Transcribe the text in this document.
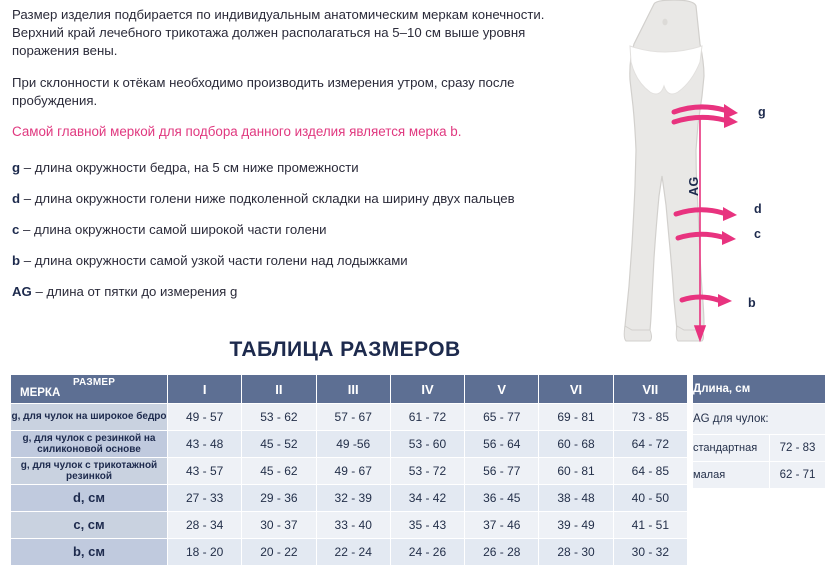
Размер изделия подбирается по индивидуальным анатомическим меркам конечности. Верхний край лечебного трикотажа должен располагаться на 5–10 см выше уровня поражения вены.

При склонности к отёкам необходимо производить измерения утром, сразу после пробуждения.

Самой главной меркой для подбора данного изделия является мерка b.

g – длина окружности бедра, на 5 см ниже промежности

d – длина окружности голени ниже подколенной складки на ширину двух пальцев

c – длина окружности самой широкой части голени

b – длина окружности самой узкой части голени над лодыжками

AG – длина от пятки до измерения g

g
d
c
b
AG
ТАБЛИЦА РАЗМЕРОВ
МЕРКА
РАЗМЕР	I	II	III	IV	V	VI	VII
g, для чулок на широкое бедро	49 - 57	53 - 62	57 - 67	61 - 72	65 - 77	69 - 81	73 - 85
g, для чулок с резинкой на силиконовой основе	43 - 48	45 - 52	49 -56	53 - 60	56 - 64	60 - 68	64 - 72
g, для чулок с трикотажной резинкой	43 - 57	45 - 62	49 - 67	53 - 72	56 - 77	60 - 81	64 - 85
d, см	27 - 33	29 - 36	32 - 39	34 - 42	36 - 45	38 - 48	40 - 50
c, см	28 - 34	30 - 37	33 - 40	35 - 43	37 - 46	39 - 49	41 - 51
b, см	18 - 20	20 - 22	22 - 24	24 - 26	26 - 28	28 - 30	30 - 32
Длина, см	
AG для чулок:	
стандартная	72 - 83
малая	62 - 71
